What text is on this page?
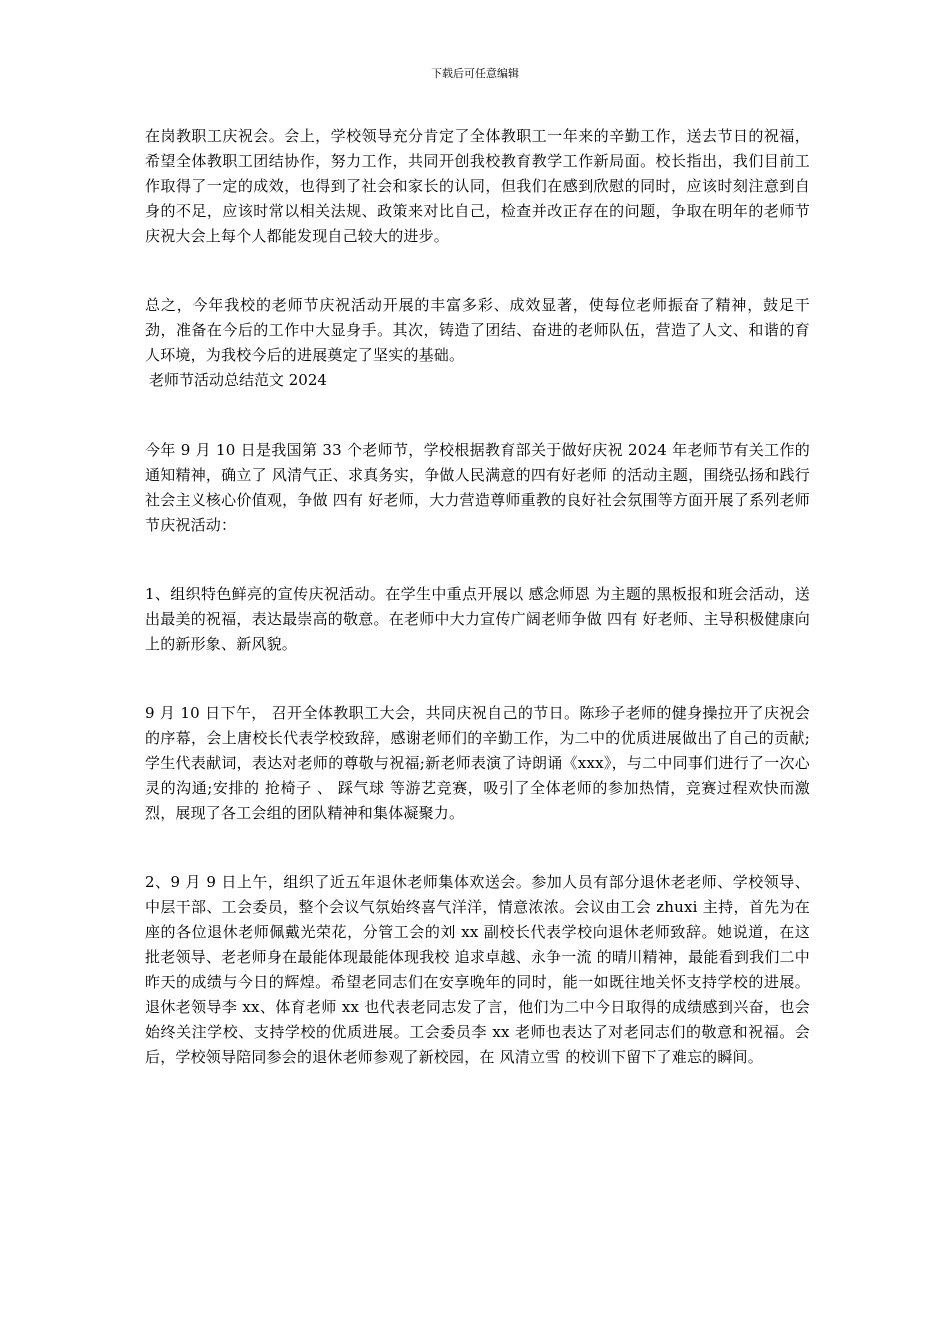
下载后可任意编辑

在岗教职工庆祝会。会上，学校领导充分肯定了全体教职工一年来的辛勤工作，送去节日的祝福，希望全体教职工团结协作，努力工作，共同开创我校教育教学工作新局面。校长指出，我们目前工作取得了一定的成效，也得到了社会和家长的认同，但我们在感到欣慰的同时，应该时刻注意到自身的不足，应该时常以相关法规、政策来对比自己，检查并改正存在的问题，争取在明年的老师节庆祝大会上每个人都能发现自己较大的进步。

总之，今年我校的老师节庆祝活动开展的丰富多彩、成效显著，使每位老师振奋了精神，鼓足干劲，准备在今后的工作中大显身手。其次，铸造了团结、奋进的老师队伍，营造了人文、和谐的育人环境，为我校今后的进展奠定了坚实的基础。

老师节活动总结范文 2024

今年 9 月 10 日是我国第 33 个老师节，学校根据教育部关于做好庆祝 2024 年老师节有关工作的通知精神，确立了 风清气正、求真务实，争做人民满意的四有好老师 的活动主题，围绕弘扬和践行社会主义核心价值观，争做 四有 好老师，大力营造尊师重教的良好社会氛围等方面开展了系列老师节庆祝活动：

1、组织特色鲜亮的宣传庆祝活动。在学生中重点开展以 感念师恩 为主题的黑板报和班会活动，送出最美的祝福，表达最崇高的敬意。在老师中大力宣传广阔老师争做 四有 好老师、主导积极健康向上的新形象、新风貌。

9 月 10 日下午， 召开全体教职工大会，共同庆祝自己的节日。陈珍子老师的健身操拉开了庆祝会的序幕，会上唐校长代表学校致辞，感谢老师们的辛勤工作，为二中的优质进展做出了自己的贡献;学生代表献词，表达对老师的尊敬与祝福;新老师表演了诗朗诵《xxx》，与二中同事们进行了一次心灵的沟通;安排的 抢椅子 、 踩气球 等游艺竞赛，吸引了全体老师的参加热情，竞赛过程欢快而激烈，展现了各工会组的团队精神和集体凝聚力。

2、9 月 9 日上午，组织了近五年退休老师集体欢送会。参加人员有部分退休老老师、学校领导、中层干部、工会委员，整个会议气氛始终喜气洋洋，情意浓浓。会议由工会 zhuxi 主持，首先为在座的各位退休老师佩戴光荣花，分管工会的刘 xx 副校长代表学校向退休老师致辞。她说道，在这批老领导、老老师身在最能体现最能体现我校 追求卓越、永争一流 的晴川精神，最能看到我们二中昨天的成绩与今日的辉煌。希望老同志们在安享晚年的同时，能一如既往地关怀支持学校的进展。退休老领导李 xx、体育老师 xx 也代表老同志发了言，他们为二中今日取得的成绩感到兴奋，也会始终关注学校、支持学校的优质进展。工会委员李 xx 老师也表达了对老同志们的敬意和祝福。会后，学校领导陪同参会的退休老师参观了新校园，在 风清立雪 的校训下留下了难忘的瞬间。
